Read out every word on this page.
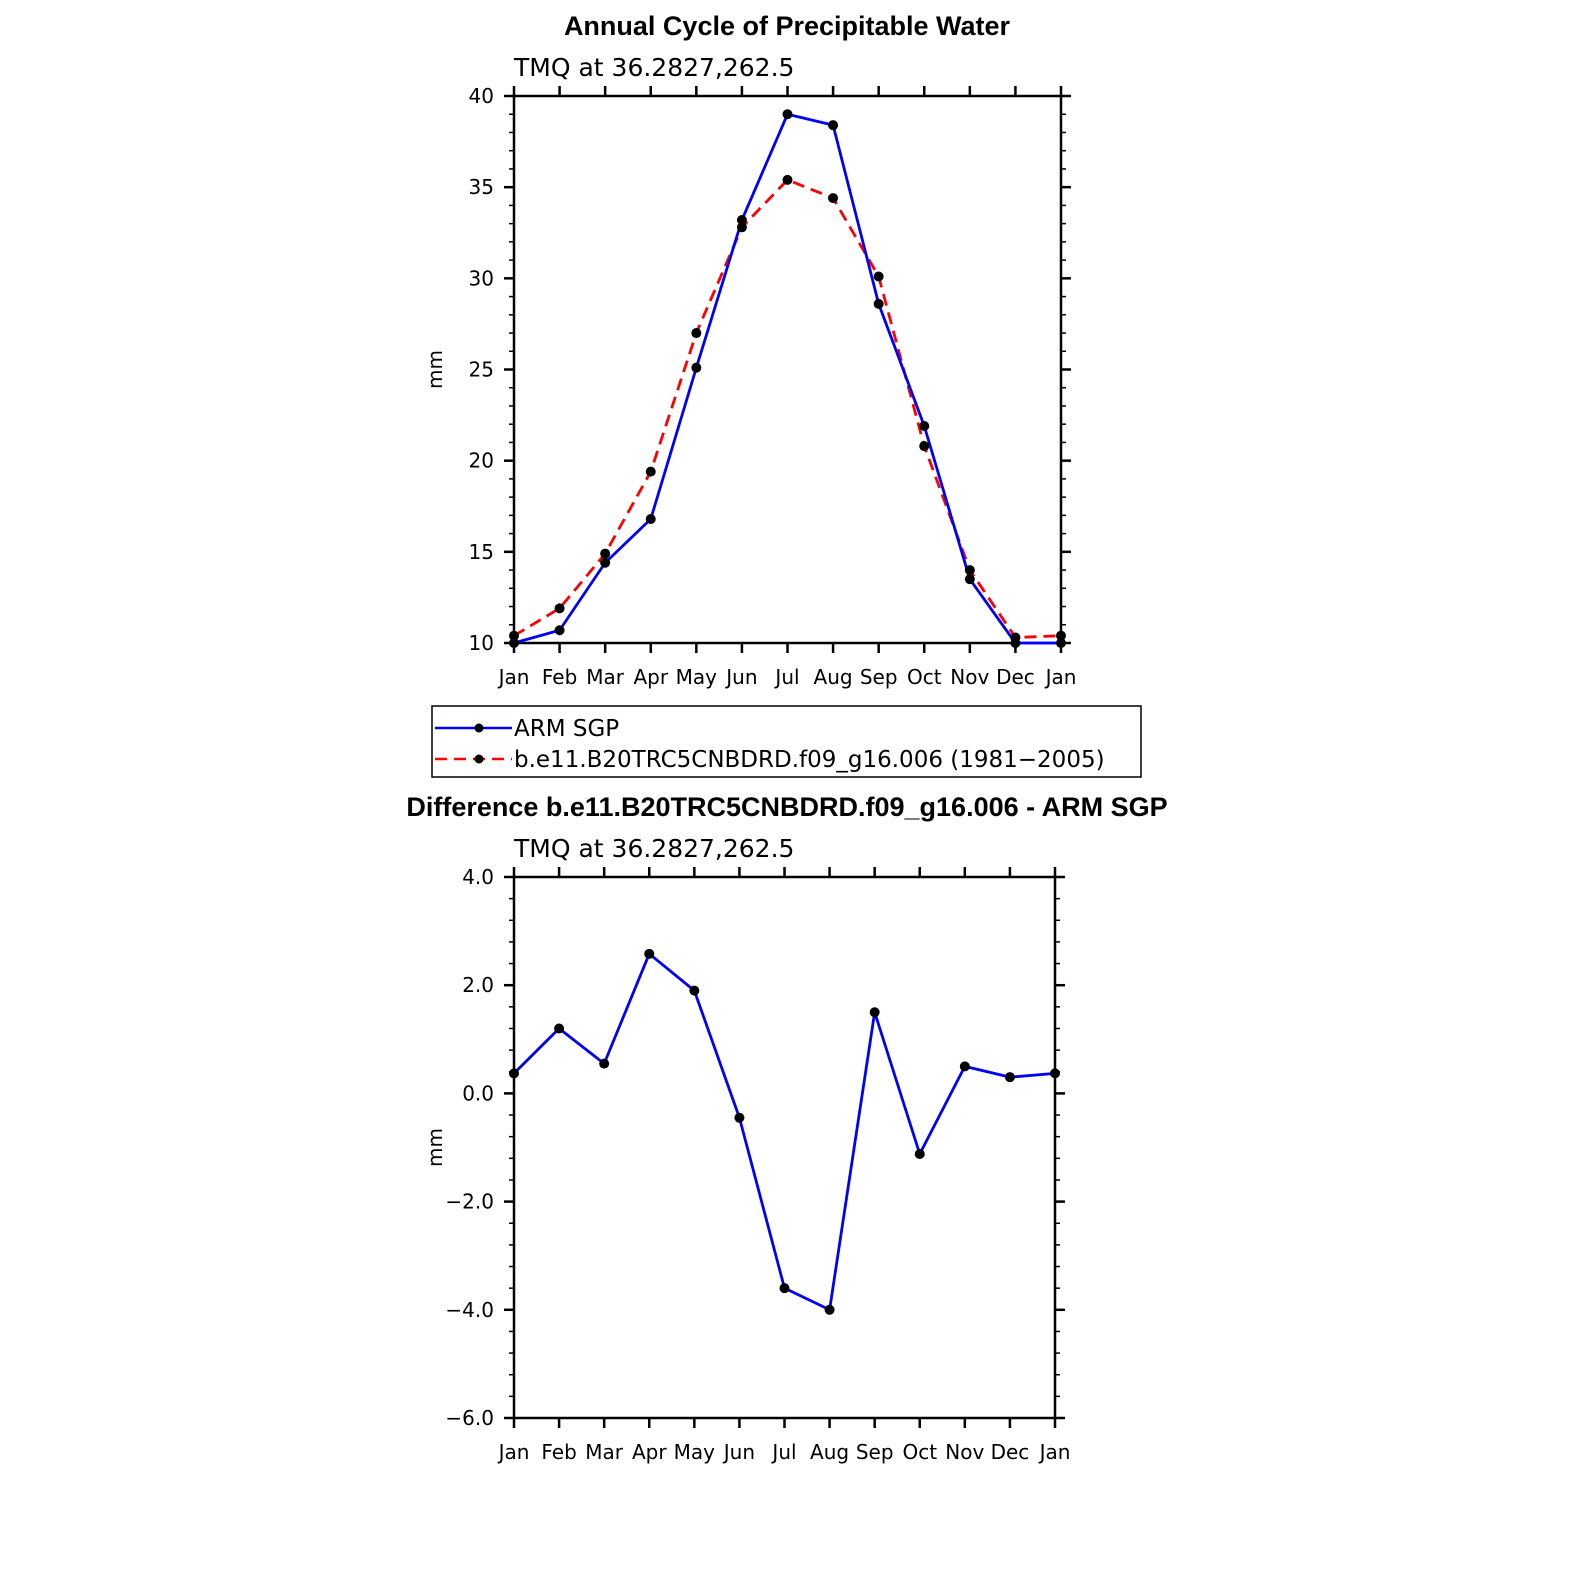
Annual Cycle of Precipitable Water
TMQ at 36.2827,262.5
10
15
20
25
30
35
40
Jan Feb Mar Apr May Jun Jul Aug Sep Oct Nov Dec Jan
mm
ARM SGP
b.e11.B20TRC5CNBDRD.f09_g16.006 (1981−2005)
Difference b.e11.B20TRC5CNBDRD.f09_g16.006 - ARM SGP
TMQ at 36.2827,262.5
−6.0
−4.0
−2.0
0.0
2.0
4.0
Jan Feb Mar Apr May Jun Jul Aug Sep Oct Nov Dec Jan
mm
